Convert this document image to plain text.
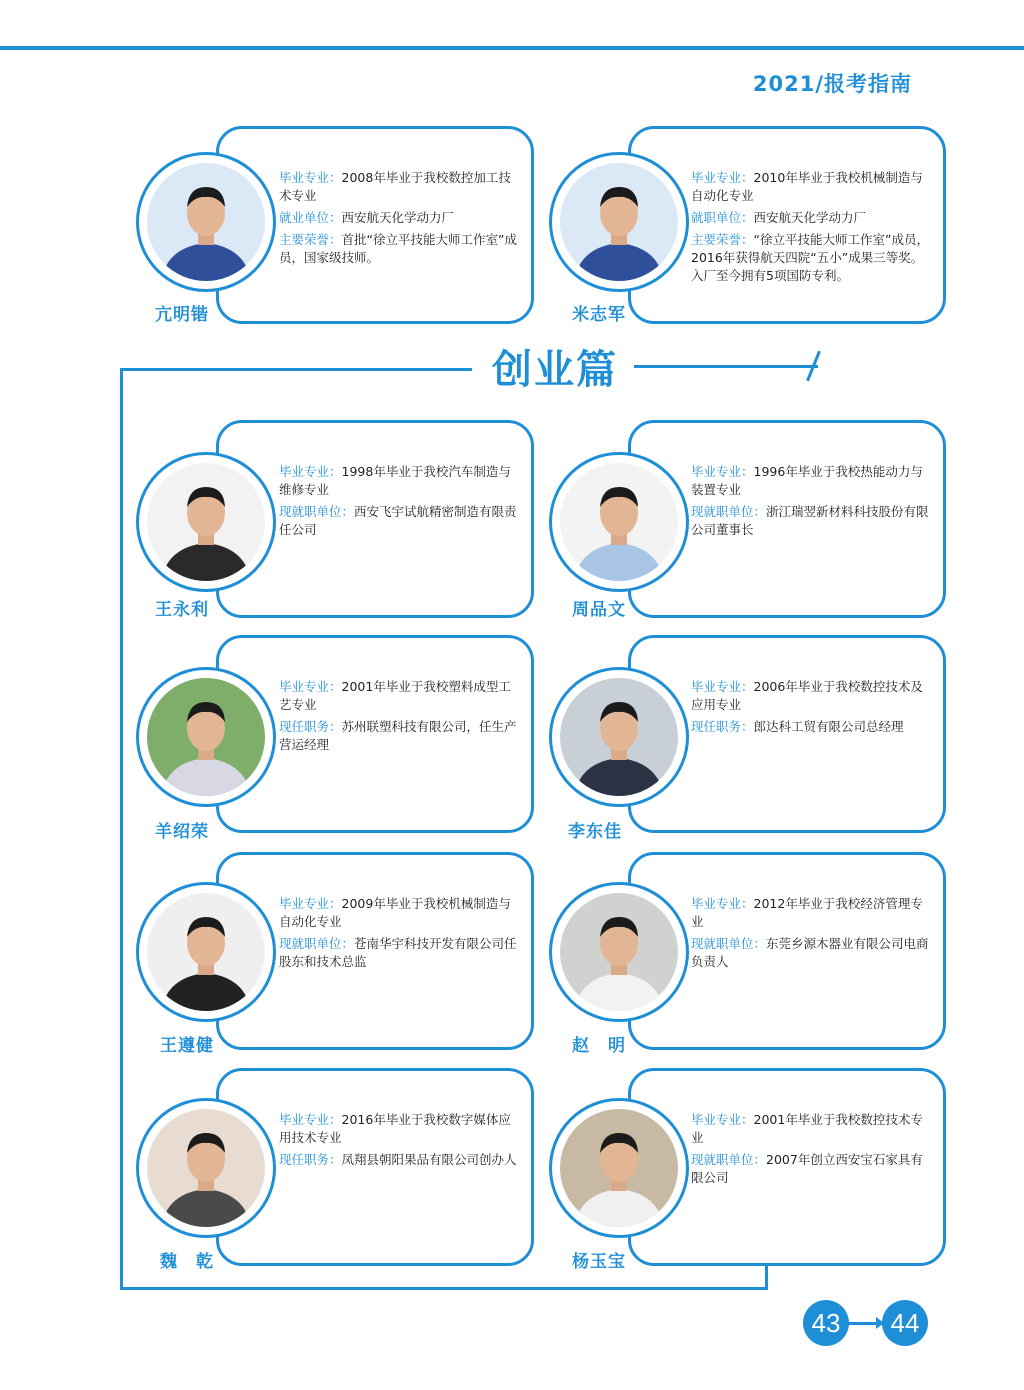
2021/报考指南
创业篇

毕业专业：2008年毕业于我校数控加工技术专业

就业单位：西安航天化学动力厂

主要荣誉：首批“徐立平技能大师工作室”成员，国家级技师。

亢明锴

毕业专业：2010年毕业于我校机械制造与自动化专业

就职单位：西安航天化学动力厂

主要荣誉：“徐立平技能大师工作室”成员，2016年获得航天四院“五小”成果三等奖。入厂至今拥有5项国防专利。

米志军

毕业专业：1998年毕业于我校汽车制造与维修专业

现就职单位：西安飞宇试航精密制造有限责任公司

王永利

毕业专业：1996年毕业于我校热能动力与装置专业

现就职单位：浙江瑞翌新材料科技股份有限公司董事长

周品文

毕业专业：2001年毕业于我校塑料成型工艺专业

现任职务：苏州联塑科技有限公司，任生产营运经理

羊绍荣

毕业专业：2006年毕业于我校数控技术及应用专业

现任职务：郎达科工贸有限公司总经理

李东佳

毕业专业：2009年毕业于我校机械制造与自动化专业

现就职单位：苍南华宇科技开发有限公司任股东和技术总监

王遵健

毕业专业：2012年毕业于我校经济管理专业

现就职单位：东莞乡源木器业有限公司电商负责人

赵　明

毕业专业：2016年毕业于我校数字媒体应用技术专业

现任职务：凤翔县朝阳果品有限公司创办人

魏　乾

毕业专业：2001年毕业于我校数控技术专业

现就职单位：2007年创立西安宝石家具有限公司

杨玉宝
43	44
